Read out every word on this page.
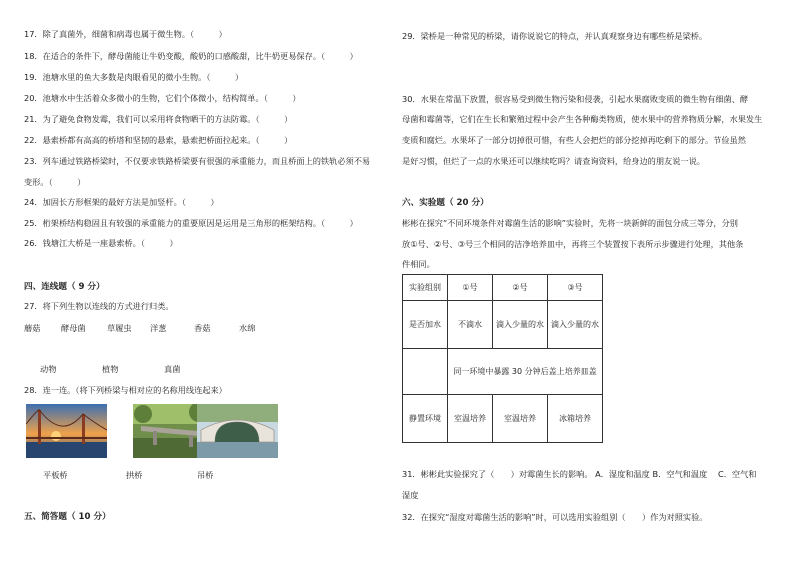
17．除了真菌外，细菌和病毒也属于微生物。（　　　）
18．在适合的条件下，酵母菌能让牛奶变酸，酸奶的口感酸甜，比牛奶更易保存。（　　　）
19．池塘水里的鱼大多数是肉眼看见的微小生物。（　　　）
20．池塘水中生活着众多微小的生物，它们个体微小，结构简单。（　　　）
21．为了避免食物发霉，我们可以采用将食物晒干的方法防霉。（　　　）
22．悬索桥都有高高的桥塔和坚韧的悬索，悬索把桥面拉起来。（　　　）
23．列车通过铁路桥梁时，不仅要求铁路桥梁要有很强的承重能力，而且桥面上的铁轨必须不易
变形。（　　　）
24．加固长方形框架的最好方法是加竖杆。（　　　）
25．桁架桥结构稳固且有较强的承重能力的重要原因是运用是三角形的框架结构。（　　　）
26．钱塘江大桥是一座悬索桥。（　　　）
四、连线题（ 9 分）
27．将下列生物以连线的方式进行归类。
蘑菇	酵母菌	草履虫 洋葱	香菇	水绵
动物	植物	真菌
28．连一连。（将下列桥梁与相对应的名称用线连起来）
平板桥	拱桥	吊桥
五、简答题（ 10 分）
29．梁桥是一种常见的桥梁，请你说说它的特点，并认真观察身边有哪些桥是梁桥。
30．水果在常温下放置，很容易受到微生物污染和侵袭，引起水果腐败变质的微生物有细菌、酵
母菌和霉菌等，它们在生长和繁殖过程中会产生各种酶类物质，使水果中的营养物质分解，水果发生
变质和腐烂。水果坏了一部分切掉很可惜，有些人会把烂的部分挖掉再吃剩下的部分。节俭虽然
是好习惯，但烂了一点的水果还可以继续吃吗？请查询资料，给身边的朋友说一说。
六、实验题（ 20 分）
彬彬在探究“不同环境条件对霉菌生活的影响”实验时，先将一块新鲜的面包分成三等分，分别
放①号、②号、③号三个相同的洁净培养皿中，再将三个装置按下表所示步骤进行处理，其他条
件相同。
实验组别	①号	②号	③号
是否加水	不滴水	滴入少量的水	滴入少量的水
	同一环境中暴露 30 分钟后盖上培养皿盖		
静置环境	室温培养	室温培养	冰箱培养
31．彬彬此实验探究了（　　）对霉菌生长的影响。 A．湿度和温度 B．空气和温度　 C．空气和
湿度
32．在探究“湿度对霉菌生活的影响”时，可以选用实验组别（　　）作为对照实验。
